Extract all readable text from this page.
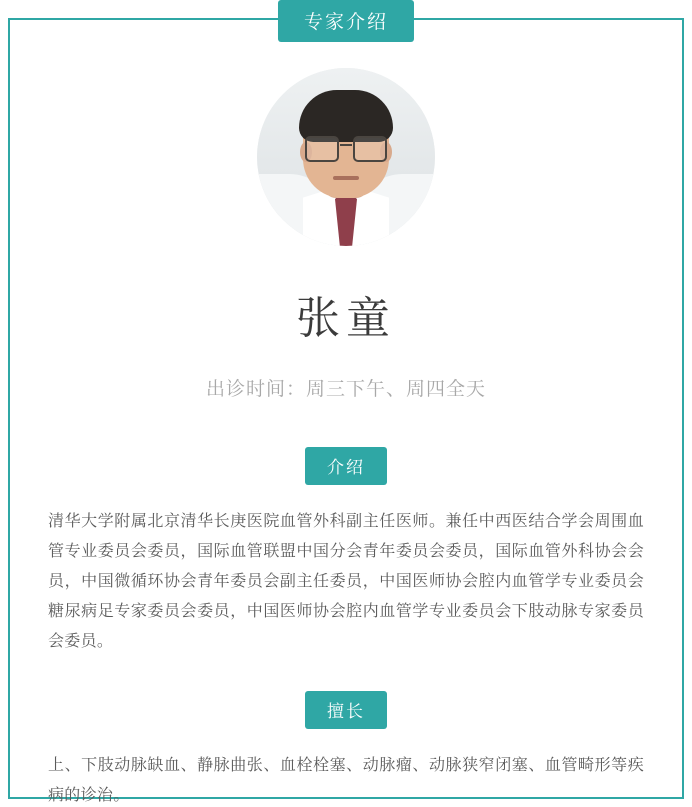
专家介绍
张童
出诊时间：周三下午、周四全天
介绍
清华大学附属北京清华长庚医院血管外科副主任医师。兼任中西医结合学会周围血管专业委员会委员，国际血管联盟中国分会青年委员会委员，国际血管外科协会会员，中国微循环协会青年委员会副主任委员，中国医师协会腔内血管学专业委员会糖尿病足专家委员会委员，中国医师协会腔内血管学专业委员会下肢动脉专家委员会委员。
擅长
上、下肢动脉缺血、静脉曲张、血栓栓塞、动脉瘤、动脉狭窄闭塞、血管畸形等疾病的诊治。
